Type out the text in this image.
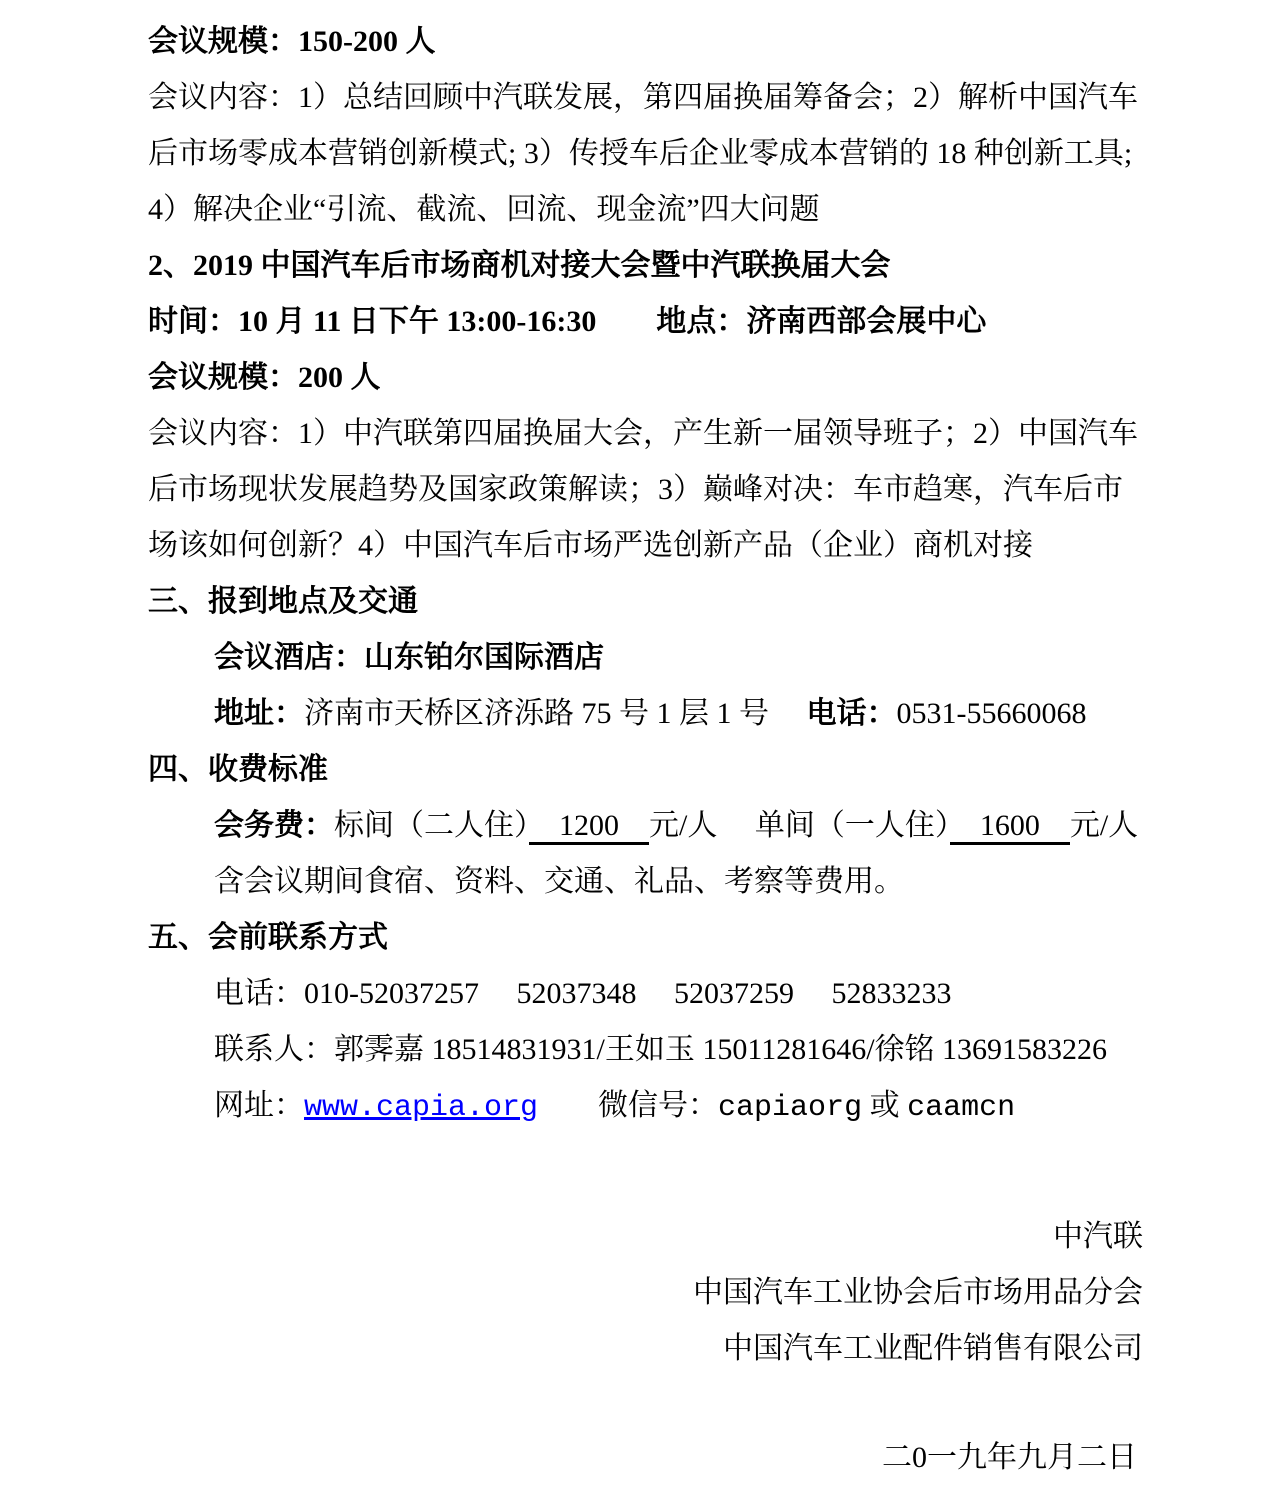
会议规模：150-200 人
会议内容：1）总结回顾中汽联发展，第四届换届筹备会；2）解析中国汽车
后市场零成本营销创新模式; 3）传授车后企业零成本营销的 18 种创新工具;
4）解决企业“引流、截流、回流、现金流”四大问题
2、2019 中国汽车后市场商机对接大会暨中汽联换届大会
时间：10 月 11 日下午 13:00-16:30　　地点：济南西部会展中心
会议规模：200 人
会议内容：1）中汽联第四届换届大会，产生新一届领导班子；2）中国汽车
后市场现状发展趋势及国家政策解读；3）巅峰对决：车市趋寒，汽车后市
场该如何创新？4）中国汽车后市场严选创新产品（企业）商机对接
三、报到地点及交通
会议酒店：山东铂尔国际酒店
地址：济南市天桥区济泺路 75 号 1 层 1 号　 电话：0531-55660068
四、收费标准
会务费：标间（二人住）　1200　元/人　 单间（一人住）　1600　元/人
含会议期间食宿、资料、交通、礼品、考察等费用。
五、会前联系方式
电话：010-52037257　 52037348　 52037259　 52833233
联系人：郭霁嘉 18514831931/王如玉 15011281646/徐铭 13691583226
网址：www.capia.org　　微信号：capiaorg 或 caamcn
中汽联
中国汽车工业协会后市场用品分会
中国汽车工业配件销售有限公司
二0一九年九月二日
